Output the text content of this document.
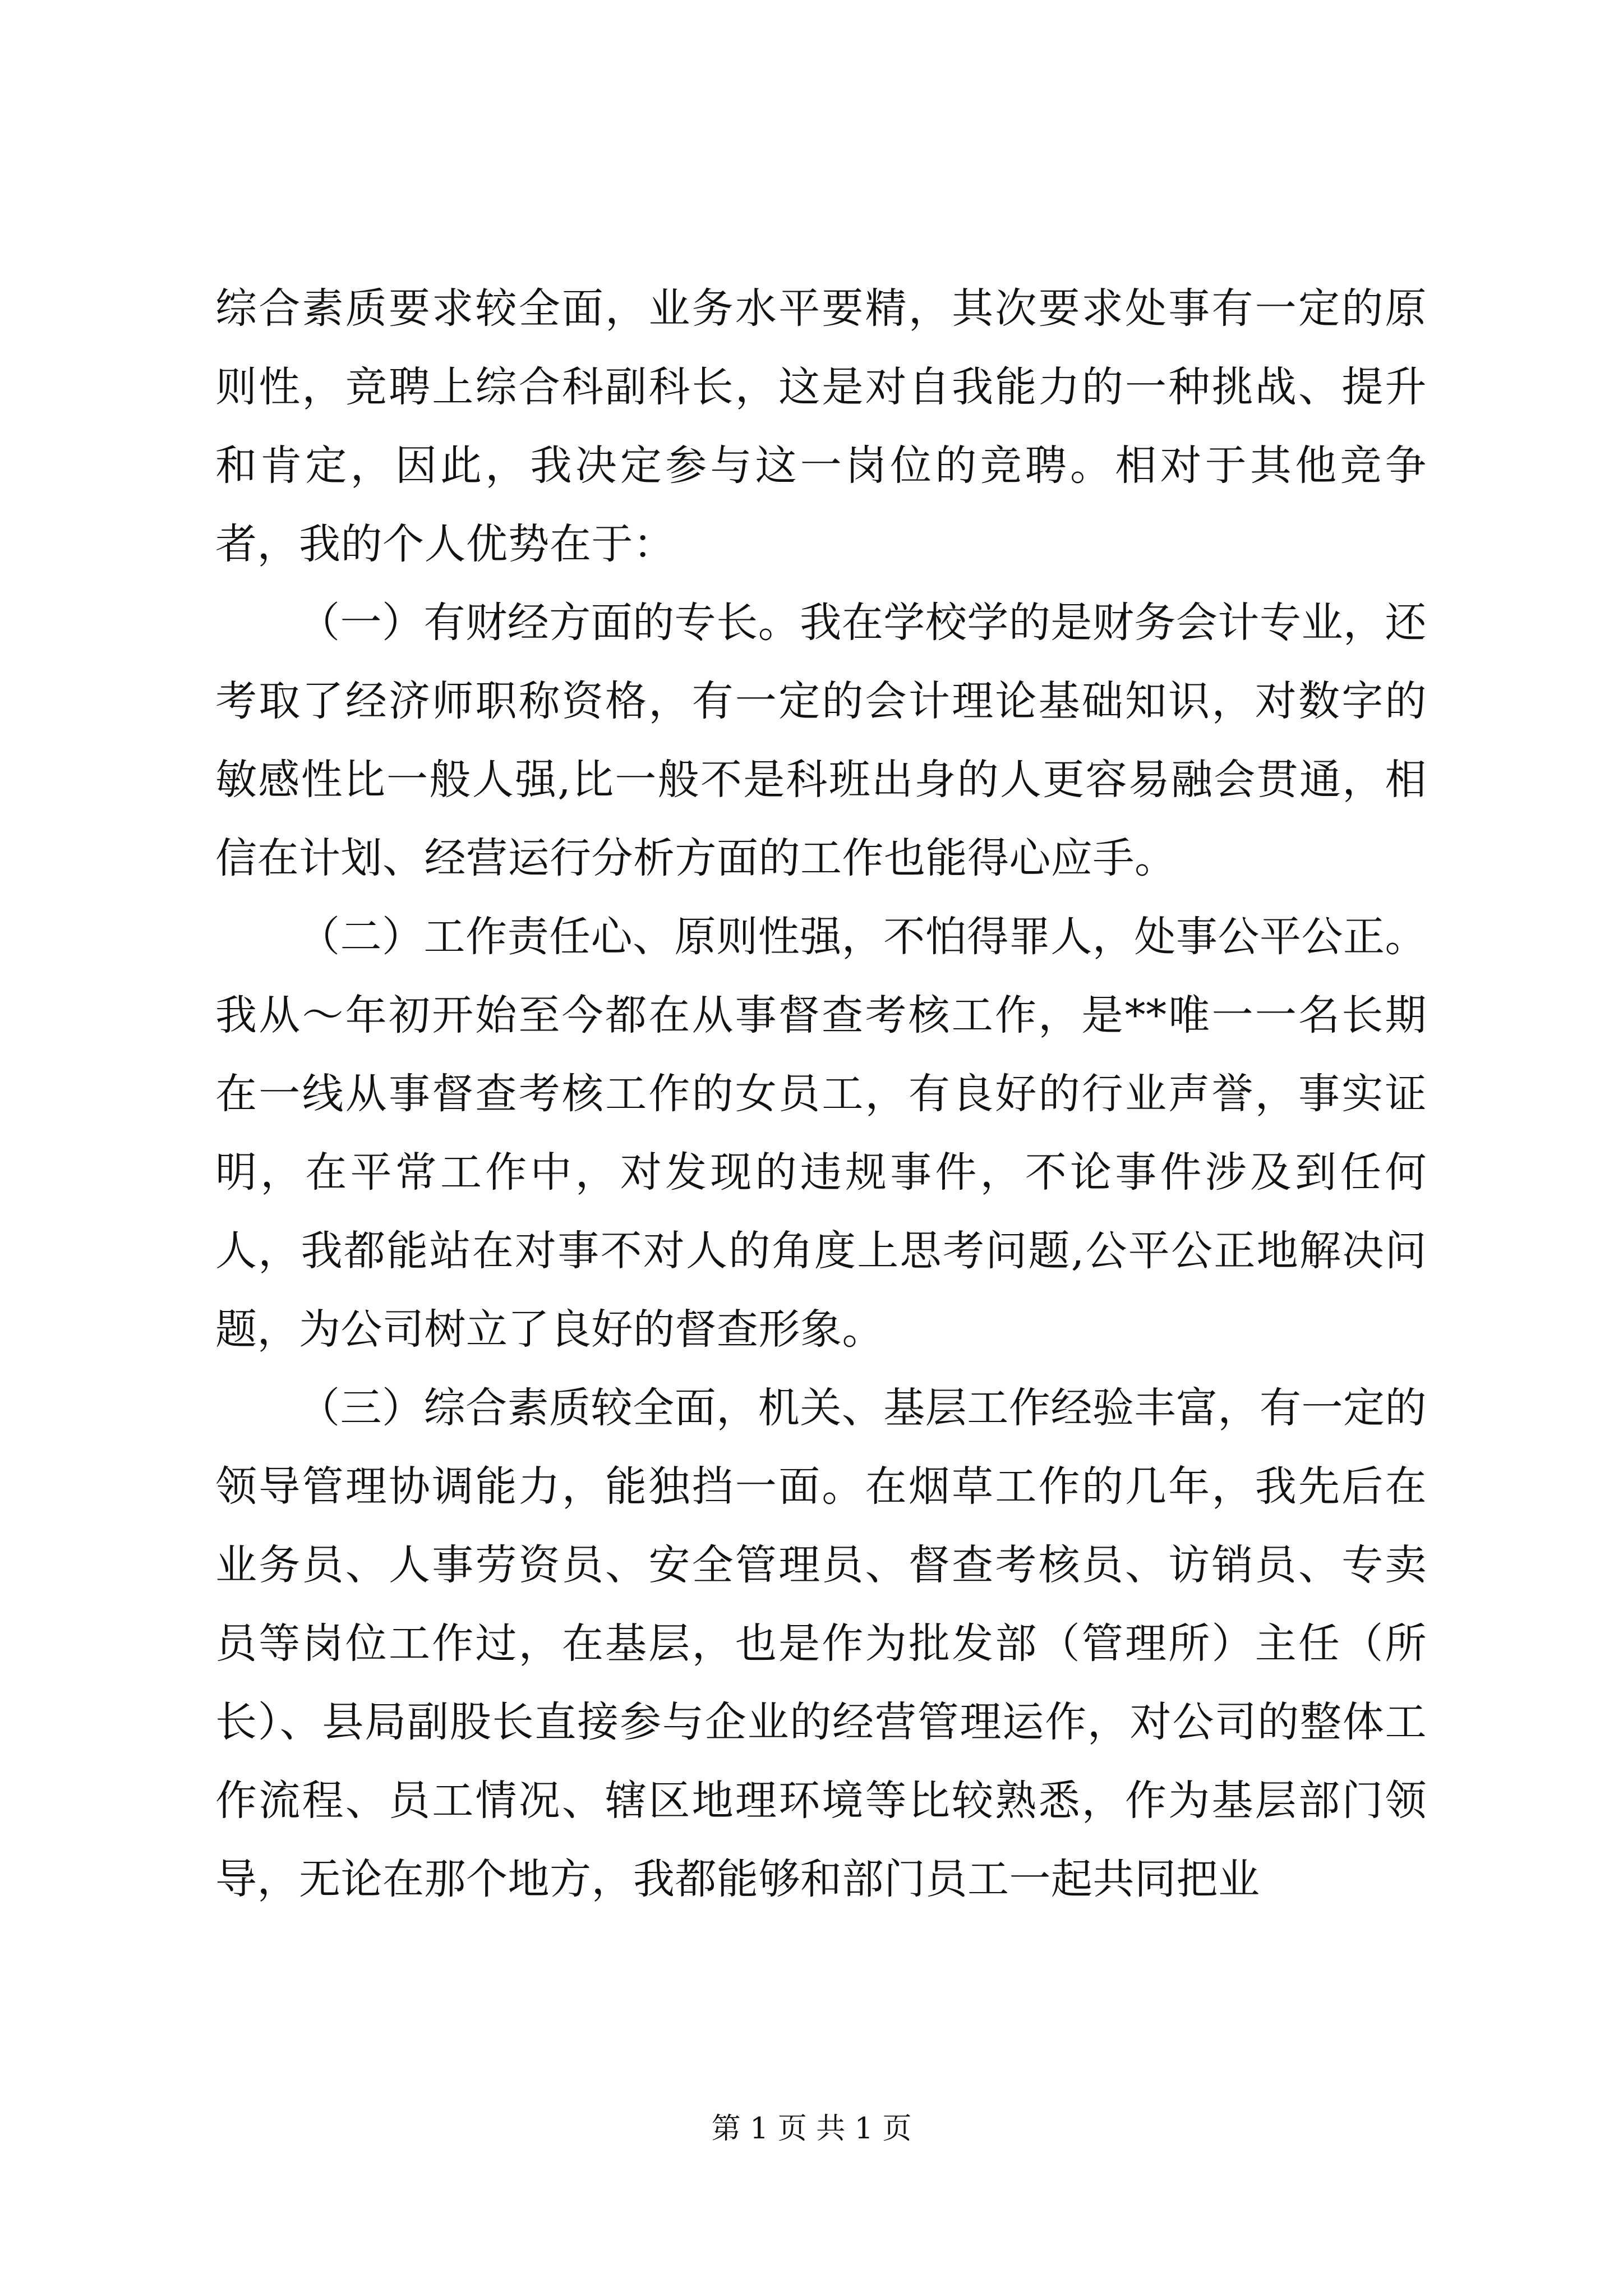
综合素质要求较全面，业务水平要精，其次要求处事有一定的原则性，竞聘上综合科副科长，这是对自我能力的一种挑战、提升和肯定，因此，我决定参与这一岗位的竞聘。相对于其他竞争者，我的个人优势在于：

（一）有财经方面的专长。我在学校学的是财务会计专业，还考取了经济师职称资格，有一定的会计理论基础知识，对数字的敏感性比一般人强,比一般不是科班出身的人更容易融会贯通，相信在计划、经营运行分析方面的工作也能得心应手。

（二）工作责任心、原则性强，不怕得罪人，处事公平公正。我从～年初开始至今都在从事督查考核工作，是**唯一一名长期在一线从事督查考核工作的女员工，有良好的行业声誉，事实证明，在平常工作中，对发现的违规事件，不论事件涉及到任何人，我都能站在对事不对人的角度上思考问题,公平公正地解决问题，为公司树立了良好的督查形象。

（三）综合素质较全面，机关、基层工作经验丰富，有一定的领导管理协调能力，能独挡一面。在烟草工作的几年，我先后在业务员、人事劳资员、安全管理员、督查考核员、访销员、专卖员等岗位工作过，在基层，也是作为批发部（管理所）主任（所长）、县局副股长直接参与企业的经营管理运作，对公司的整体工作流程、员工情况、辖区地理环境等比较熟悉，作为基层部门领导，无论在那个地方，我都能够和部门员工一起共同把业

第 1 页 共 1 页
